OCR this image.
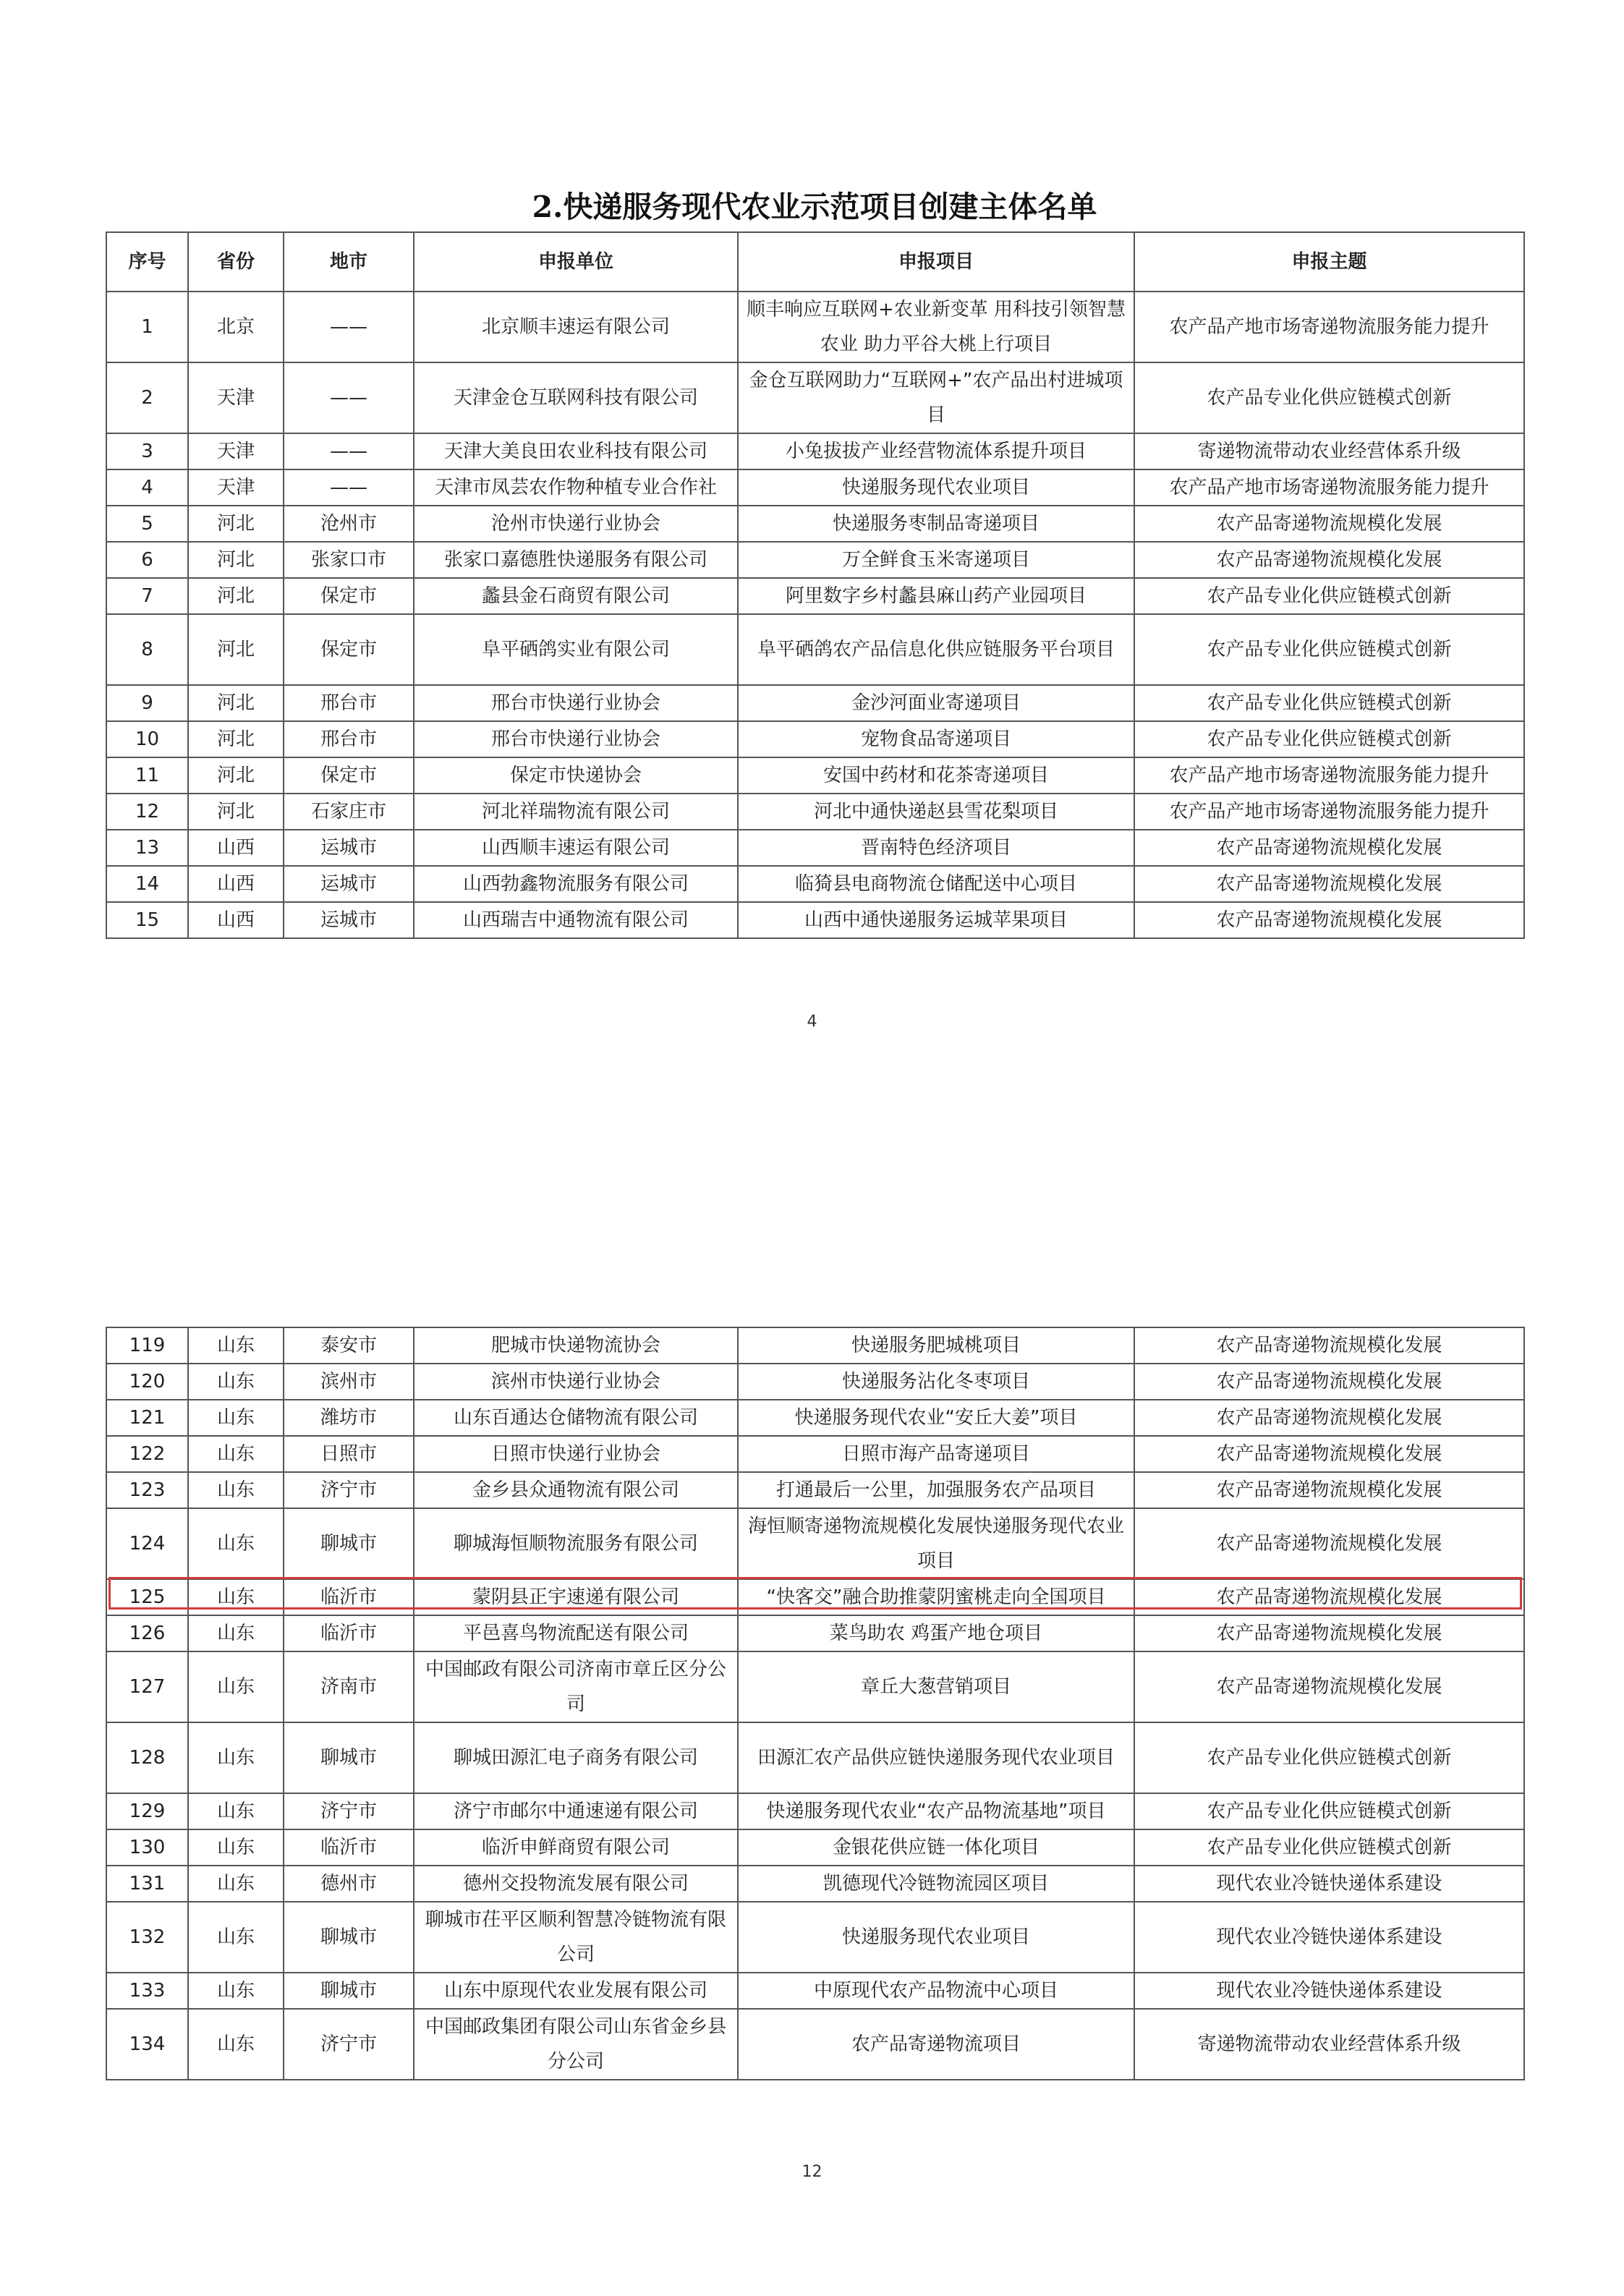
2.快递服务现代农业示范项目创建主体名单
序号	省份	地市	申报单位	申报项目	申报主题
1	北京	——	北京顺丰速运有限公司	顺丰响应互联网+农业新变革 用科技引领智慧农业 助力平谷大桃上行项目	农产品产地市场寄递物流服务能力提升
2	天津	——	天津金仓互联网科技有限公司	金仓互联网助力“互联网+”农产品出村进城项目	农产品专业化供应链模式创新
3	天津	——	天津大美良田农业科技有限公司	小兔拔拔产业经营物流体系提升项目	寄递物流带动农业经营体系升级
4	天津	——	天津市凤芸农作物种植专业合作社	快递服务现代农业项目	农产品产地市场寄递物流服务能力提升
5	河北	沧州市	沧州市快递行业协会	快递服务枣制品寄递项目	农产品寄递物流规模化发展
6	河北	张家口市	张家口嘉德胜快递服务有限公司	万全鲜食玉米寄递项目	农产品寄递物流规模化发展
7	河北	保定市	蠡县金石商贸有限公司	阿里数字乡村蠡县麻山药产业园项目	农产品专业化供应链模式创新
8	河北	保定市	阜平硒鸽实业有限公司	阜平硒鸽农产品信息化供应链服务平台项目	农产品专业化供应链模式创新
9	河北	邢台市	邢台市快递行业协会	金沙河面业寄递项目	农产品专业化供应链模式创新
10	河北	邢台市	邢台市快递行业协会	宠物食品寄递项目	农产品专业化供应链模式创新
11	河北	保定市	保定市快递协会	安国中药材和花茶寄递项目	农产品产地市场寄递物流服务能力提升
12	河北	石家庄市	河北祥瑞物流有限公司	河北中通快递赵县雪花梨项目	农产品产地市场寄递物流服务能力提升
13	山西	运城市	山西顺丰速运有限公司	晋南特色经济项目	农产品寄递物流规模化发展
14	山西	运城市	山西勃鑫物流服务有限公司	临猗县电商物流仓储配送中心项目	农产品寄递物流规模化发展
15	山西	运城市	山西瑞吉中通物流有限公司	山西中通快递服务运城苹果项目	农产品寄递物流规模化发展
4
119	山东	泰安市	肥城市快递物流协会	快递服务肥城桃项目	农产品寄递物流规模化发展
120	山东	滨州市	滨州市快递行业协会	快递服务沾化冬枣项目	农产品寄递物流规模化发展
121	山东	潍坊市	山东百通达仓储物流有限公司	快递服务现代农业“安丘大姜”项目	农产品寄递物流规模化发展
122	山东	日照市	日照市快递行业协会	日照市海产品寄递项目	农产品寄递物流规模化发展
123	山东	济宁市	金乡县众通物流有限公司	打通最后一公里，加强服务农产品项目	农产品寄递物流规模化发展
124	山东	聊城市	聊城海恒顺物流服务有限公司	海恒顺寄递物流规模化发展快递服务现代农业项目	农产品寄递物流规模化发展
125	山东	临沂市	蒙阴县正宇速递有限公司	“快客交”融合助推蒙阴蜜桃走向全国项目	农产品寄递物流规模化发展
126	山东	临沂市	平邑喜鸟物流配送有限公司	菜鸟助农 鸡蛋产地仓项目	农产品寄递物流规模化发展
127	山东	济南市	中国邮政有限公司济南市章丘区分公司	章丘大葱营销项目	农产品寄递物流规模化发展
128	山东	聊城市	聊城田源汇电子商务有限公司	田源汇农产品供应链快递服务现代农业项目	农产品专业化供应链模式创新
129	山东	济宁市	济宁市邮尔中通速递有限公司	快递服务现代农业“农产品物流基地”项目	农产品专业化供应链模式创新
130	山东	临沂市	临沂申鲜商贸有限公司	金银花供应链一体化项目	农产品专业化供应链模式创新
131	山东	德州市	德州交投物流发展有限公司	凯德现代冷链物流园区项目	现代农业冷链快递体系建设
132	山东	聊城市	聊城市茌平区顺利智慧冷链物流有限公司	快递服务现代农业项目	现代农业冷链快递体系建设
133	山东	聊城市	山东中原现代农业发展有限公司	中原现代农产品物流中心项目	现代农业冷链快递体系建设
134	山东	济宁市	中国邮政集团有限公司山东省金乡县分公司	农产品寄递物流项目	寄递物流带动农业经营体系升级
12
